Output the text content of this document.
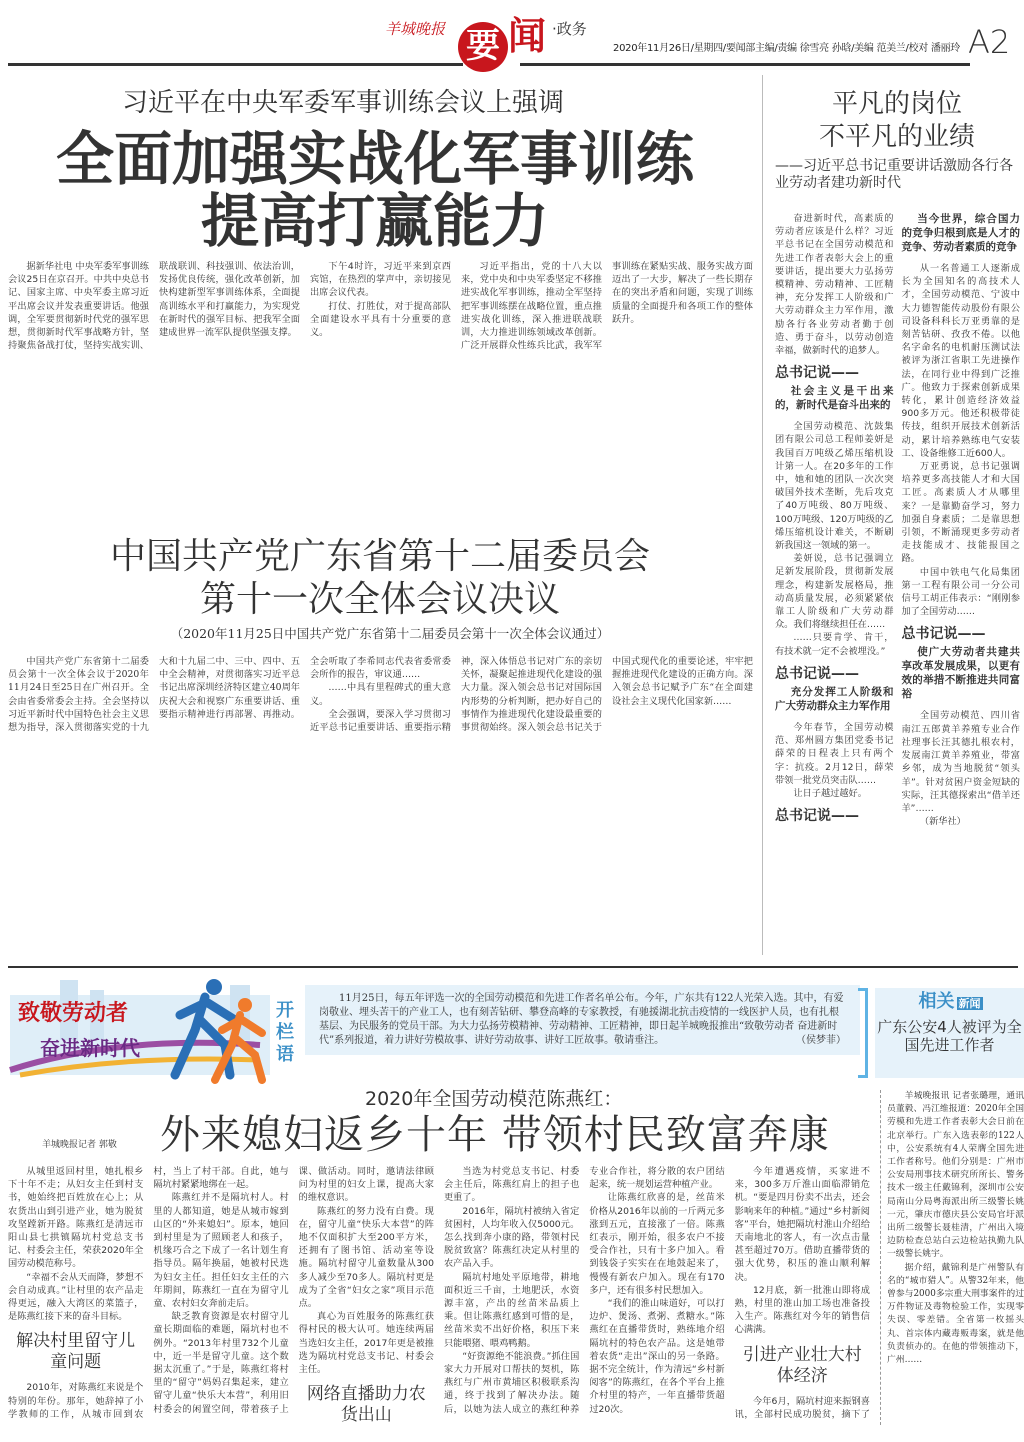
羊城晚报 要 闻 ·政务
2020年11月26日/星期四/要闻部主编/责编 徐雪亮 孙晗/美编 范美兰/校对 潘丽玲 A2
习近平在中央军委军事训练会议上强调
全面加强实战化军事训练
提高打赢能力

据新华社电 中央军委军事训练会议25日在京召开。中共中央总书记、国家主席、中央军委主席习近平出席会议并发表重要讲话。他强调，全军要贯彻新时代党的强军思想，贯彻新时代军事战略方针，坚持聚焦备战打仗，坚持实战实训、联战联训、科技强训、依法治训，发扬优良传统，强化改革创新，加快构建新型军事训练体系，全面提高训练水平和打赢能力，为实现党在新时代的强军目标、把我军全面建成世界一流军队提供坚强支撑。

下午4时许，习近平来到京西宾馆，在热烈的掌声中，亲切接见出席会议代表。

打仗、打胜仗，对于提高部队全面建设水平具有十分重要的意义。

习近平指出，党的十八大以来，党中央和中央军委坚定不移推进实战化军事训练，推动全军坚持把军事训练摆在战略位置，重点推进实战化训练，深入推进联战联训，大力推进训练领域改革创新。广泛开展群众性练兵比武，我军军事训练在紧贴实战、服务实战方面迈出了一大步，解决了一些长期存在的突出矛盾和问题，实现了训练质量的全面提升和各项工作的整体跃升。

平凡的岗位
不平凡的业绩
——习近平总书记重要讲话激励各行各业劳动者建功新时代

奋进新时代，高素质的劳动者应该是什么样？习近平总书记在全国劳动模范和先进工作者表彰大会上的重要讲话，提出要大力弘扬劳模精神、劳动精神、工匠精神，充分发挥工人阶级和广大劳动群众主力军作用，激励各行各业劳动者勤于创造、勇于奋斗，以劳动创造幸福，做新时代的追梦人。

总书记说——
社会主义是干出来的，新时代是奋斗出来的

全国劳动模范、沈鼓集团有限公司总工程师姜妍是我国百万吨级乙烯压缩机设计第一人。在20多年的工作中，她和她的团队一次次突破国外技术垄断，先后攻克了40万吨级、80万吨级、100万吨级、120万吨级的乙烯压缩机设计难关，不断刷新我国这一领域的第一。

姜妍说，总书记强调立足新发展阶段，贯彻新发展理念，构建新发展格局，推动高质量发展，必须紧紧依靠工人阶级和广大劳动群众。我们将继续担任在……

……只要肯学、肯干，有技术就一定不会被埋没。”

总书记说——
充分发挥工人阶级和广大劳动群众主力军作用

今年春节，全国劳动模范、郑州圆方集团党委书记薛荣的日程表上只有两个字：抗疫。2月12日，薛荣带领一批党员突击队……

让日子越过越好。

总书记说——
当今世界，综合国力的竞争归根到底是人才的竞争、劳动者素质的竞争

从一名普通工人逐渐成长为全国知名的高技术人才，全国劳动模范、宁波中大力德智能传动股份有限公司设备科科长万亚勇靠的是刻苦钻研、孜孜不倦。以他名字命名的电机耐压测试法被评为浙江省职工先进操作法，在同行业中得到广泛推广。他致力于探索创新成果转化，累计创造经济效益900多万元。他还积极带徒传技，组织开展技术创新活动，累计培养熟练电气安装工、设备维修工近600人。

万亚勇说，总书记强调培养更多高技能人才和大国工匠。高素质人才从哪里来？一是靠勤奋学习，努力加强自身素质；二是靠思想引领，不断涌现更多劳动者走技能成才、技能报国之路。

中国中铁电气化局集团第一工程有限公司一分公司信号工胡正伟表示：“刚刚参加了全国劳动……

总书记说——
使广大劳动者共建共享改革发展成果，以更有效的举措不断推进共同富裕

全国劳动模范、四川省南江五郎黄羊养殖专业合作社理事长汪其德扎根农村，发展南江黄羊养殖业，带富乡邻，成为当地脱贫“领头羊”。针对贫困户资金短缺的实际，汪其德探索出“借羊还羊”……

（新华社）

中国共产党广东省第十二届委员会
第十一次全体会议决议
（2020年11月25日中国共产党广东省第十二届委员会第十一次全体会议通过）

中国共产党广东省第十二届委员会第十一次全体会议于2020年11月24日至25日在广州召开。全会由省委常委会主持。全会坚持以习近平新时代中国特色社会主义思想为指导，深入贯彻落实党的十九大和十九届二中、三中、四中、五中全会精神，对贯彻落实习近平总书记出席深圳经济特区建立40周年庆祝大会和视察广东重要讲话、重要指示精神进行再部署、再推动。全会听取了李希同志代表省委常委会所作的报告，审议通……

……中具有里程碑式的重大意义。

全会强调，要深入学习贯彻习近平总书记重要讲话、重要指示精神，深入体悟总书记对广东的亲切关怀，凝聚起推进现代化建设的强大力量。深入领会总书记对国际国内形势的分析判断，把办好自己的事情作为推进现代化建设最重要的事贯彻始终。深入领会总书记关于中国式现代化的重要论述，牢牢把握推进现代化建设的正确方向。深入领会总书记赋予广东“在全面建设社会主义现代化国家新……

致敬劳动者
奋进新时代
开栏语
11月25日，每五年评选一次的全国劳动模范和先进工作者名单公布。今年，广东共有122人光荣入选。其中，有爱岗敬业、埋头苦干的产业工人，也有刻苦钻研、攀登高峰的专家教授，有驰援湖北抗击疫情的一线医护人员，也有扎根基层、为民服务的党员干部。为大力弘扬劳模精神、劳动精神、工匠精神，即日起羊城晚报推出“致敬劳动者 奋进新时代”系列报道，着力讲好劳模故事、讲好劳动故事、讲好工匠故事。敬请垂注。	（侯梦菲）
相关 新闻
广东公安4人被评为全国先进工作者
2020年全国劳动模范陈燕红：
外来媳妇返乡十年 带领村民致富奔康
羊城晚报记者 郭敬

从城里返回村里，她扎根乡下十年不走；从妇女主任到村支书，她始终把百姓放在心上；从农货出山到引进产业，她为脱贫攻坚蹚新开路。陈燕红是清远市阳山县七拱镇隔坑村党总支书记、村委会主任，荣获2020年全国劳动模范称号。

“幸福不会从天而降，梦想不会自动成真。”让村里的农产品走得更远，融入大湾区的菜篮子，是陈燕红接下来的奋斗目标。

解决村里留守儿童问题

2010年，对陈燕红来说是个特别的年份。那年，她辞掉了小学教师的工作，从城市回到农村，当上了村干部。自此，她与隔坑村紧紧地绑在一起。

陈燕红并不是隔坑村人。村里的人都知道，她是从城市嫁到山区的“外来媳妇”。原本，她回到村里是为了照顾老人和孩子，机缘巧合之下成了一名计划生育指导员。隔年换届，她被村民选为妇女主任。担任妇女主任的六年期间，陈燕红一直在为留守儿童、农村妇女奔前走后。

缺乏教育资源是农村留守儿童长期面临的难题，隔坑村也不例外。“2013年村里732个儿童中，近一半是留守儿童。这个数据太沉重了。”于是，陈燕红将村里的“留守”妈妈召集起来，建立留守儿童“快乐大本营”，利用旧村委会的闲置空间，带着孩子上课、做活动。同时，邀请法律顾问为村里的妇女上课，提高大家的维权意识。

陈燕红的努力没有白费。现在，留守儿童“快乐大本营”的阵地不仅面积扩大至200平方米，还拥有了图书馆、活动室等设施。隔坑村留守儿童数量从300多人减少至70多人。隔坑村更是成为了全省“妇女之家”项目示范点。

真心为百姓服务的陈燕红获得村民的极大认可。她连续两届当选妇女主任，2017年更是被推选为隔坑村党总支书记、村委会主任。

网络直播助力农货出山

当选为村党总支书记、村委会主任后，陈燕红肩上的担子也更重了。

2016年，隔坑村被纳入省定贫困村，人均年收入仅5000元。怎么找到奔小康的路，带领村民脱贫致富？陈燕红决定从村里的农产品入手。

隔坑村地处平原地带，耕地面积近三千亩，土地肥沃，水资源丰富，产出的丝苗米品质上乘。但让陈燕红感到可惜的是，丝苗米卖不出好价格，积压下来只能喂猪、喂鸡鸭鹅。

“好资源绝不能浪费。”抓住国家大力开展对口帮扶的契机，陈燕红与广州市黄埔区积极联系沟通，终于找到了解决办法。随后，以她为法人成立的燕红种养专业合作社，将分散的农户团结起来，统一规划运营种植产业。

让陈燕红欣喜的是，丝苗米价格从2016年以前的一斤两元多涨到五元，直接涨了一倍。陈燕红表示，刚开始，很多农户不接受合作社，只有十多户加入。看到钱袋子实实在在地鼓起来了，慢慢有新农户加入。现在有170多户，还有很多村民想加入。

“我们的淮山味道好，可以打边炉、煲汤、煮粥、煮糖水。”陈燕红在直播带货时，熟练地介绍隔坑村的特色农产品。这是她带着农货“走出”深山的另一条路。据不完全统计，作为清远“乡村新阅客”的陈燕红，在各个平台上推介村里的特产，一年直播带货超过20次。

今年遭遇疫情，买家进不来，300多万斤淮山面临滞销危机。“要是四月份卖不出去，还会影响来年的种植。”通过“乡村新阅客”平台，她把隔坑村淮山介绍给天南地北的客人，有一次点击量甚至超过70万。借助直播带货的强大优势，积压的淮山顺利解决。

12月底，新一批淮山即将成熟，村里的淮山加工场也准备投入生产。陈燕红对今年的销售信心满满。

引进产业壮大村体经济

今年6月，隔坑村迎来振钢喜讯，全部村民成功脱贫，摘下了

羊城晚报讯 记者张璐理，通讯员董毅、冯江维报道：2020年全国劳模和先进工作者表彰大会日前在北京举行。广东入选表彰的122人中，公安系统有4人荣膺全国先进工作者称号。他们分别是：广州市公安局刑事技术研究所所长、警务技术一级主任戴锦利，深圳市公安局南山分局粤海派出所三级警长姚一元，肇庆市德庆县公安局官圩派出所二级警长聂桂清，广州出入境边防检查总站白云边检站执勤九队一级警长姚宇。

据介绍，戴锦利是广州警队有名的“城市猎人”。从警32年来，他曾参与2000多宗重大刑事案件的过万件物证及毒物检验工作，实现零失误、零差错。全省第一枚摇头丸、首宗体内藏毒贩毒案，就是他负责侦办的。在他的带领推动下，广州……
